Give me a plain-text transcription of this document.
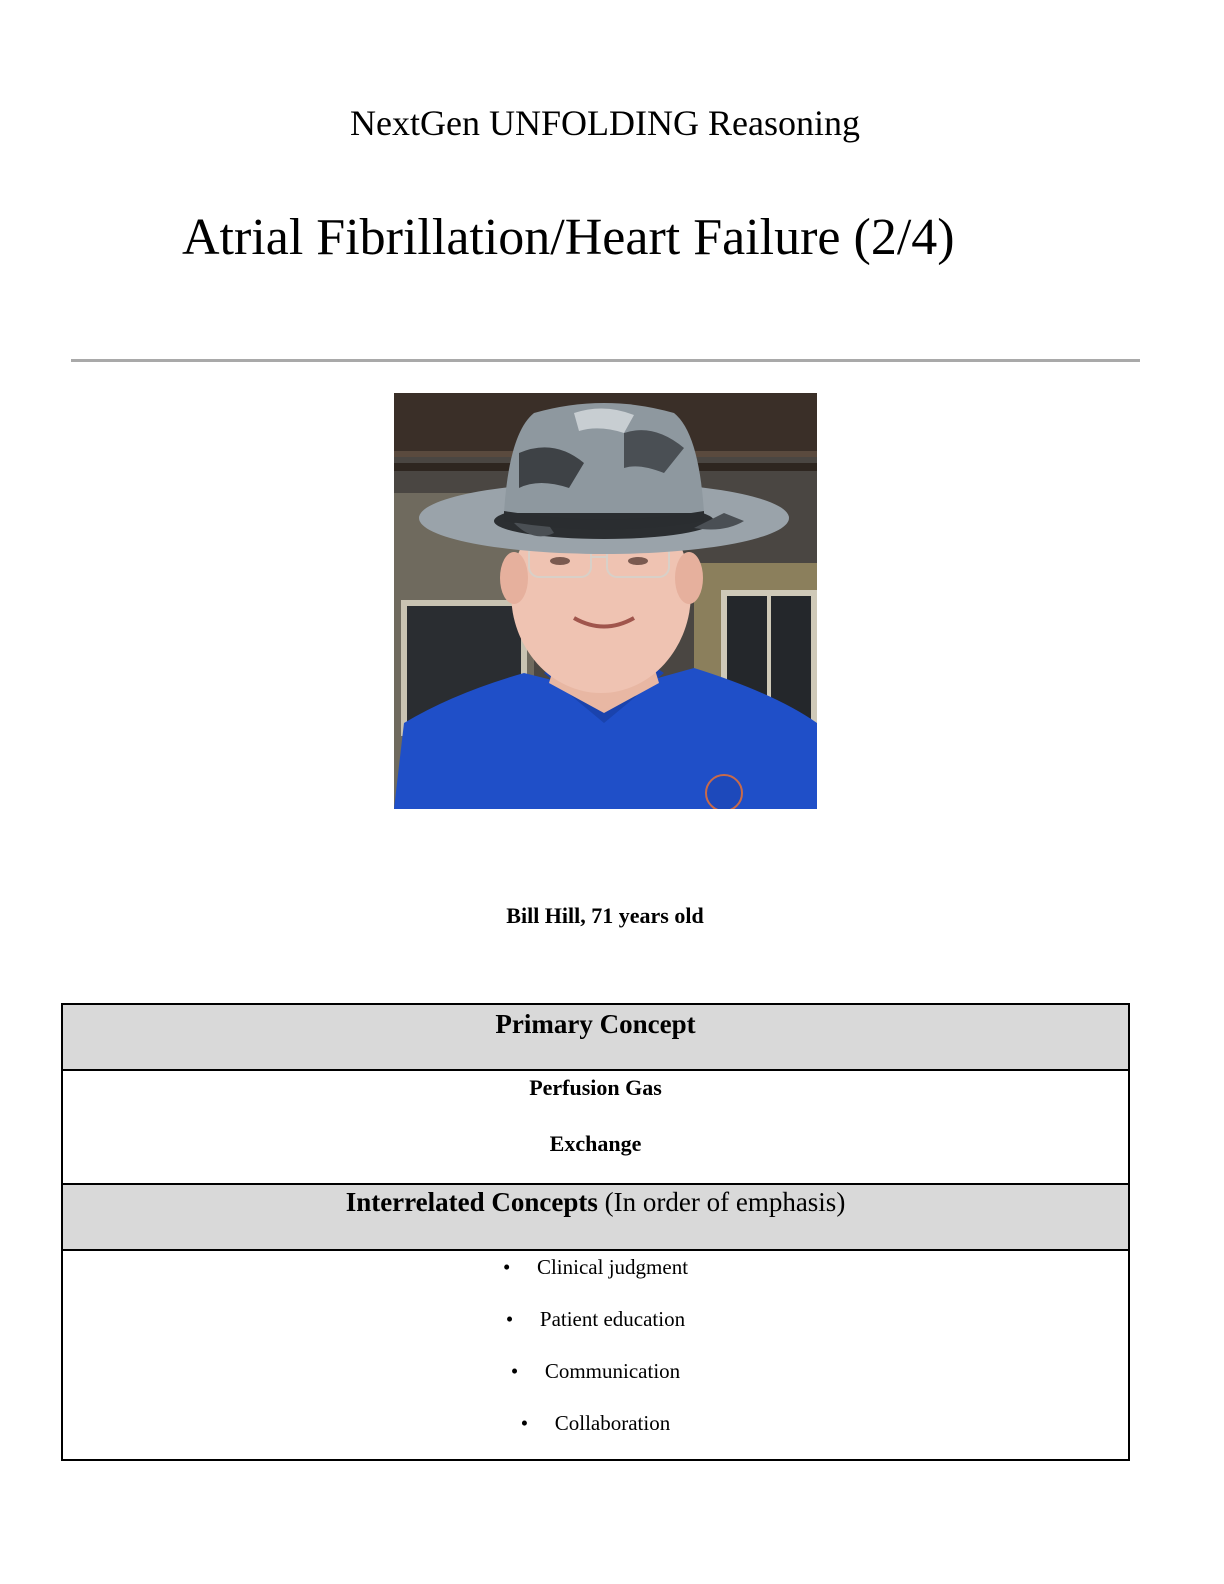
NextGen UNFOLDING Reasoning
Atrial Fibrillation/Heart Failure (2/4)

Bill Hill, 71 years old

Primary Concept
Perfusion Gas
Exchange
Interrelated Concepts (In order of emphasis)
• Clinical judgment
• Patient education
• Communication
• Collaboration
